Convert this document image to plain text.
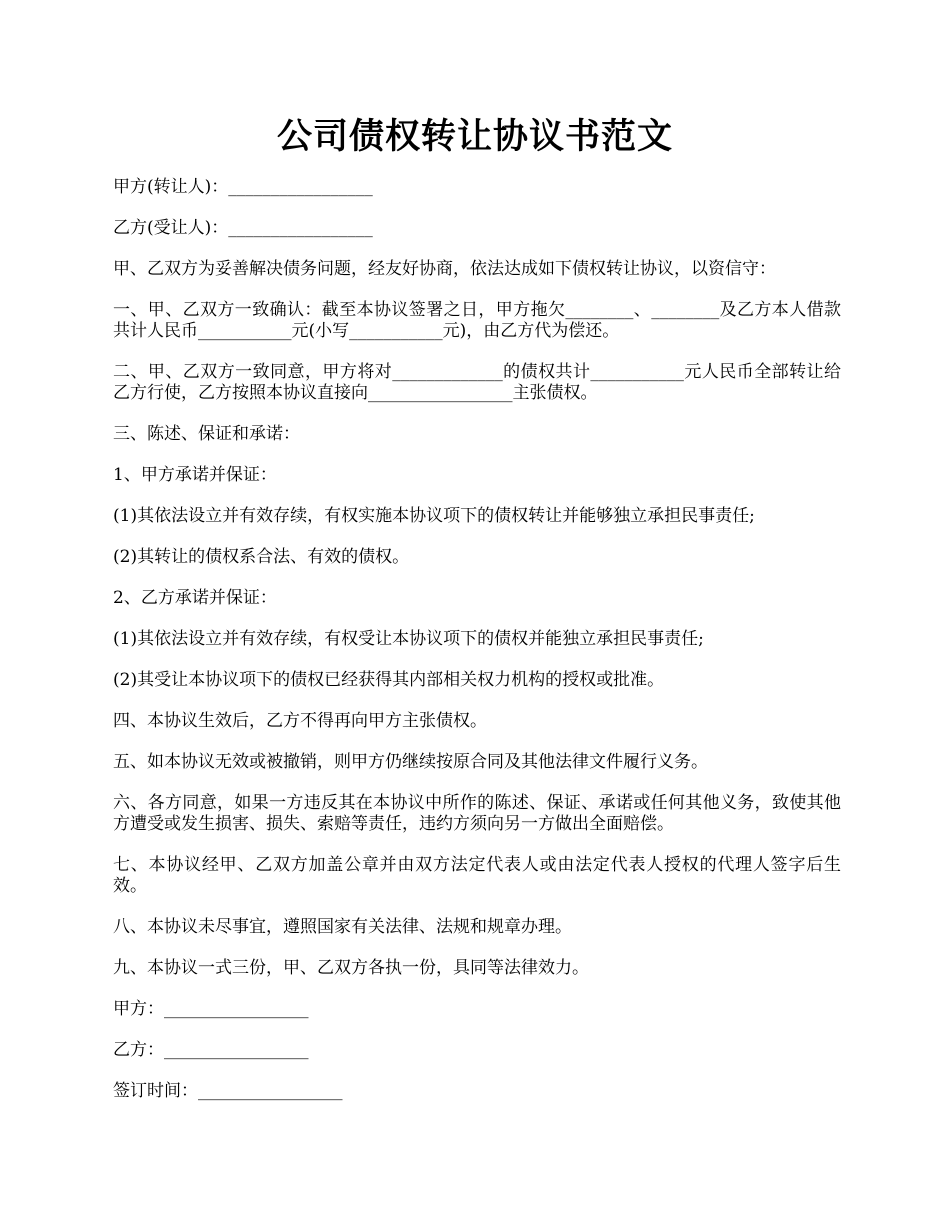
公司债权转让协议书范文

甲方(转让人)：_________________

乙方(受让人)：_________________

甲、乙双方为妥善解决债务问题，经友好协商，依法达成如下债权转让协议，以资信守：

一、甲、乙双方一致确认：截至本协议签署之日，甲方拖欠________、________及乙方本人借款共计人民币___________元(小写___________元)，由乙方代为偿还。

二、甲、乙双方一致同意，甲方将对_____________的债权共计___________元人民币全部转让给乙方行使，乙方按照本协议直接向_________________主张债权。

三、陈述、保证和承诺：

1、甲方承诺并保证：

(1)其依法设立并有效存续，有权实施本协议项下的债权转让并能够独立承担民事责任;

(2)其转让的债权系合法、有效的债权。

2、乙方承诺并保证：

(1)其依法设立并有效存续，有权受让本协议项下的债权并能独立承担民事责任;

(2)其受让本协议项下的债权已经获得其内部相关权力机构的授权或批准。

四、本协议生效后，乙方不得再向甲方主张债权。

五、如本协议无效或被撤销，则甲方仍继续按原合同及其他法律文件履行义务。

六、各方同意，如果一方违反其在本协议中所作的陈述、保证、承诺或任何其他义务，致使其他方遭受或发生损害、损失、索赔等责任，违约方须向另一方做出全面赔偿。

七、本协议经甲、乙双方加盖公章并由双方法定代表人或由法定代表人授权的代理人签字后生效。

八、本协议未尽事宜，遵照国家有关法律、法规和规章办理。

九、本协议一式三份，甲、乙双方各执一份，具同等法律效力。

甲方：_________________

乙方：_________________

签订时间：_________________
